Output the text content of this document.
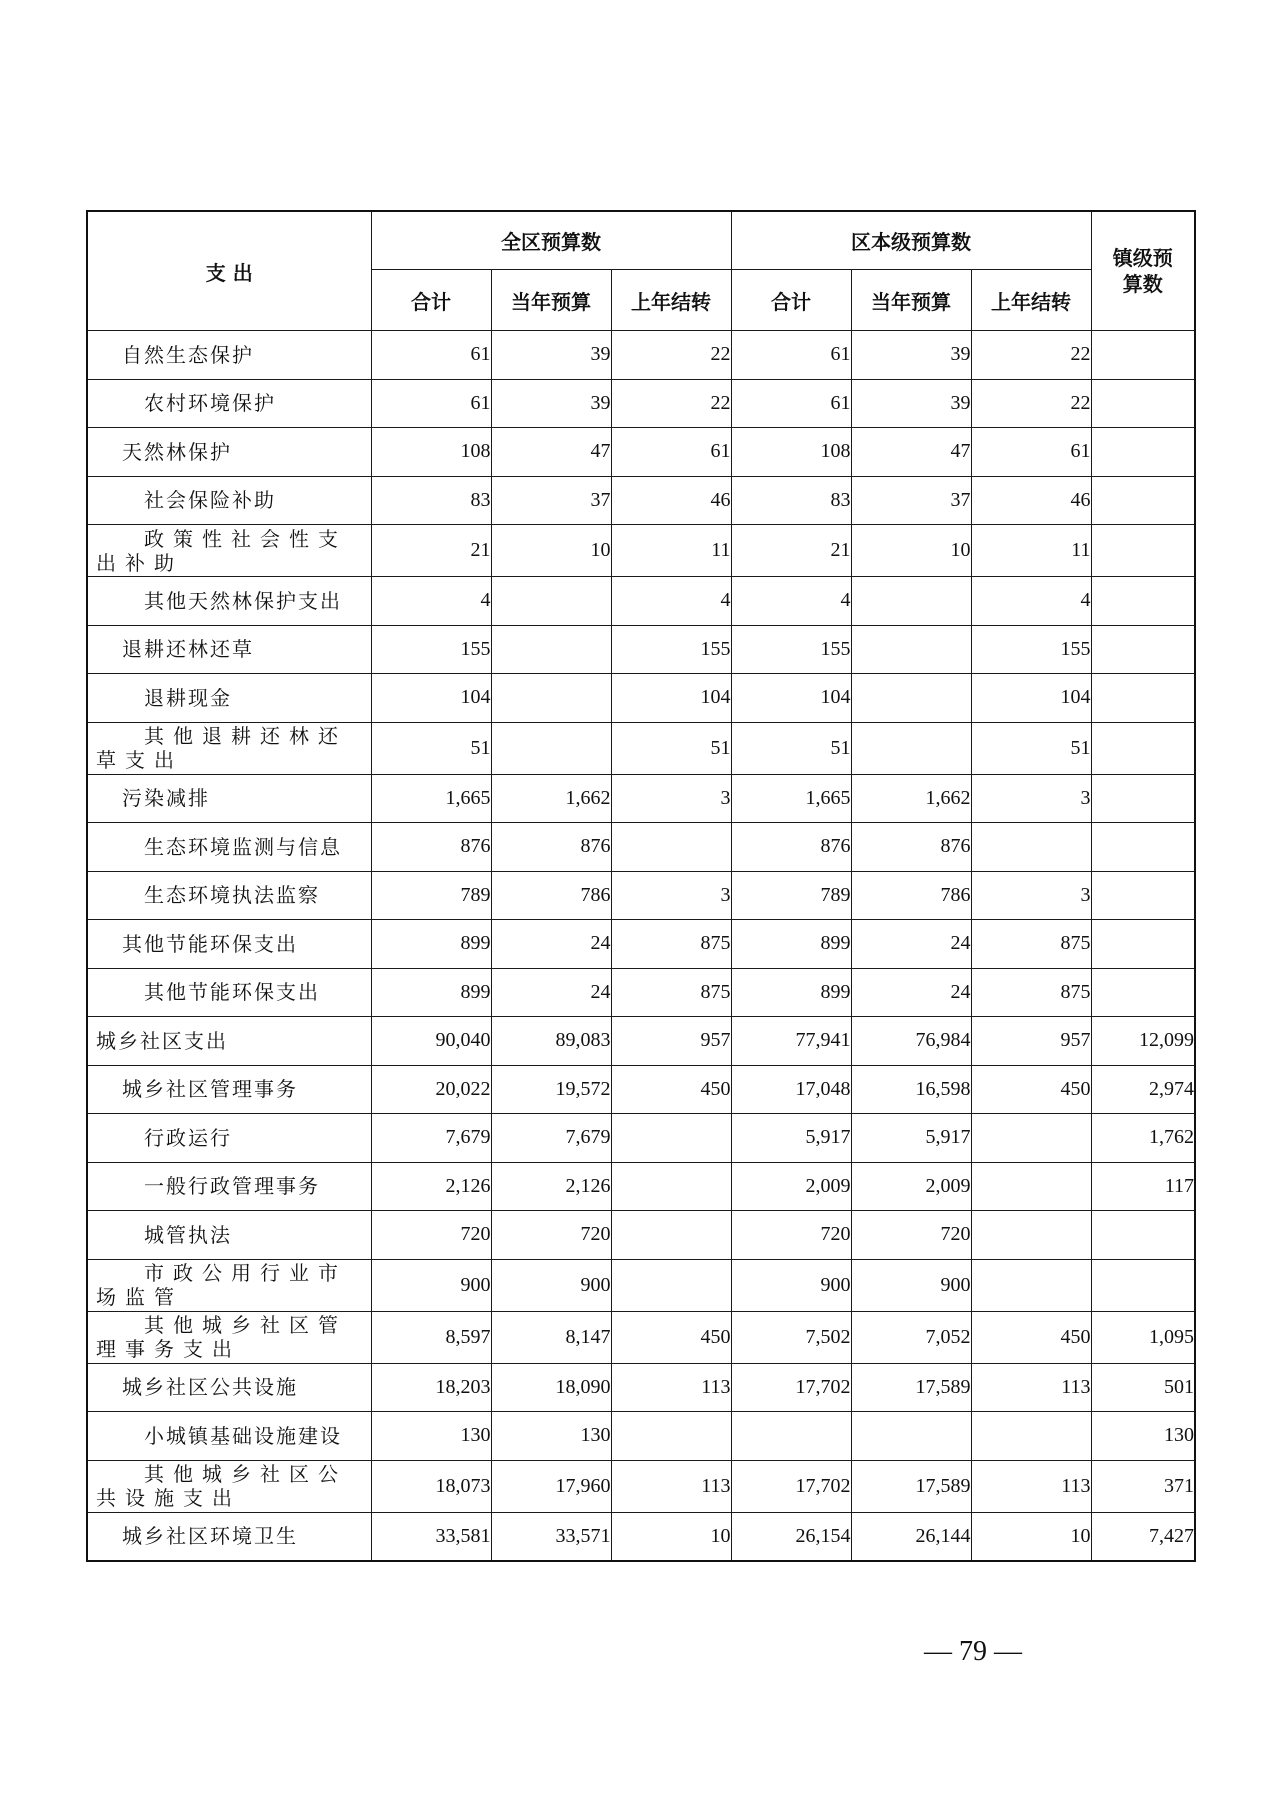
支 出	全区预算数			区本级预算数			镇级预算数
	合计	当年预算	上年结转	合计	当年预算	上年结转	
自然生态保护	61	39	22	61	39	22	
农村环境保护	61	39	22	61	39	22	
天然林保护	108	47	61	108	47	61	
社会保险补助	83	37	46	83	37	46	
政策性社会性支出补助	21	10	11	21	10	11	
其他天然林保护支出	4		4	4		4	
退耕还林还草	155		155	155		155	
退耕现金	104		104	104		104	
其他退耕还林还草支出	51		51	51		51	
污染减排	1,665	1,662	3	1,665	1,662	3	
生态环境监测与信息	876	876		876	876		
生态环境执法监察	789	786	3	789	786	3	
其他节能环保支出	899	24	875	899	24	875	
其他节能环保支出	899	24	875	899	24	875	
城乡社区支出	90,040	89,083	957	77,941	76,984	957	12,099
城乡社区管理事务	20,022	19,572	450	17,048	16,598	450	2,974
行政运行	7,679	7,679		5,917	5,917		1,762
一般行政管理事务	2,126	2,126		2,009	2,009		117
城管执法	720	720		720	720		
市政公用行业市场监管	900	900		900	900		
其他城乡社区管理事务支出	8,597	8,147	450	7,502	7,052	450	1,095
城乡社区公共设施	18,203	18,090	113	17,702	17,589	113	501
小城镇基础设施建设	130	130					130
其他城乡社区公共设施支出	18,073	17,960	113	17,702	17,589	113	371
城乡社区环境卫生	33,581	33,571	10	26,154	26,144	10	7,427
— 79 —
